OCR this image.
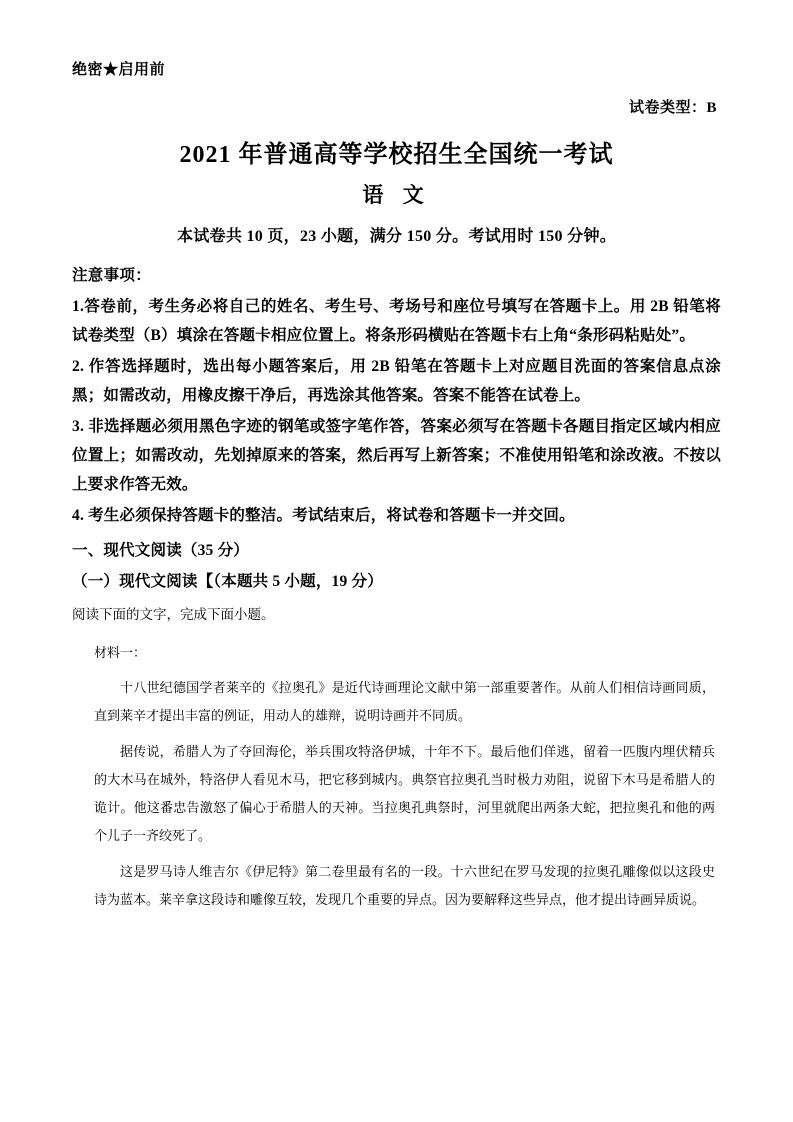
绝密★启用前
试卷类型：B
2021 年普通高等学校招生全国统一考试
语 文
本试卷共 10 页，23 小题，满分 150 分。考试用时 150 分钟。
注意事项：
1.答卷前，考生务必将自己的姓名、考生号、考场号和座位号填写在答题卡上。用 2B 铅笔将试卷类型（B）填涂在答题卡相应位置上。将条形码横贴在答题卡右上角“条形码粘贴处”。
2. 作答选择题时，选出每小题答案后，用 2B 铅笔在答题卡上对应题目洗面的答案信息点涂黑；如需改动，用橡皮擦干净后，再选涂其他答案。答案不能答在试卷上。
3. 非选择题必须用黑色字迹的钢笔或签字笔作答，答案必须写在答题卡各题目指定区域内相应位置上；如需改动，先划掉原来的答案，然后再写上新答案；不准使用铅笔和涂改液。不按以上要求作答无效。
4. 考生必须保持答题卡的整洁。考试结束后，将试卷和答题卡一并交回。
一、现代文阅读（35 分）
（一）现代文阅读【（本题共 5 小题，19 分）
阅读下面的文字，完成下面小题。
材料一：
十八世纪德国学者莱辛的《拉奥孔》是近代诗画理论文献中第一部重要著作。从前人们相信诗画同质，直到莱辛才提出丰富的例证，用动人的雄辩，说明诗画并不同质。
据传说，希腊人为了夺回海伦，举兵围攻特洛伊城，十年不下。最后他们佯逃，留着一匹腹内埋伏精兵的大木马在城外，特洛伊人看见木马，把它移到城内。典祭官拉奥孔当时极力劝阻，说留下木马是希腊人的诡计。他这番忠告激怒了偏心于希腊人的天神。当拉奥孔典祭时，河里就爬出两条大蛇，把拉奥孔和他的两个儿子一齐绞死了。
这是罗马诗人维吉尔《伊尼特》第二卷里最有名的一段。十六世纪在罗马发现的拉奥孔雕像似以这段史诗为蓝本。莱辛拿这段诗和雕像互较，发现几个重要的异点。因为要解释这些异点，他才提出诗画异质说。
